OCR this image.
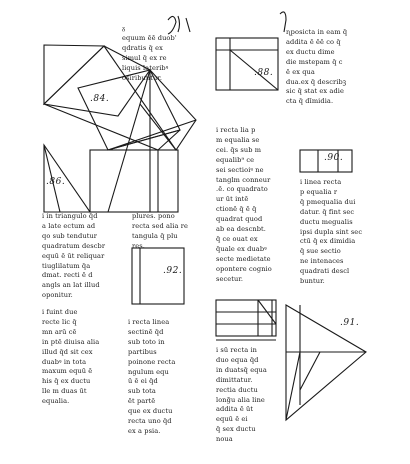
.84.
.86.
.88.
.90.
.92.
.91.
ᵹ
equum ēē duob'
qdratis q̄ ex
simul q̄ ex re
liquis lateribꝰ
osiribuntur.
ɳposicta in eam q̄
addita ē ēē co q̄
ex ductu dime
die mstepam q̄ c
ē ex qua
dua.ex q̄ describꝫ
sic q̄ stat ex adie
cta q̄ dīmidia.
i recta lia p
m equalia se
cei. q̄s sub m
equalib⁹ ce
sei sectioiꝰ ne
tanglm conneur
.ē. co quadrato
ur ūt intē
ctionē q̄ ē q̄
quadrat quod
ab ea descnbt.
q̄ ce ouat ex
q̄uale ex duabꝰ
secte medietate
opontere cognio
secetur.
i linea recta
p equalia r
q̄ pmequalia dui
datur. q̄ fint sec
ductu megualis
ipsi dupla sint sec
ctū q̄ ex dimidia
q̄ sue sectio
ne intenaces
quadrati descl
buntur.
i in triangulo q̄d
a late ectum ad
qo sub tendutur
quadratum descbr
equū ē ūt reliquar
tiuglilatum q̄a
dmat. recti ē d
angls an lat illud
oponitur.
plures. pono
recta sed alia re
tangula q̄ plu
res.
i fuint due
recte lic q̄
mn arū cē
in ptē diuisa alia
illud q̄d sit cex
duabꝰ in tota
maxum equū ē
his q̄ ex ductu
lle m duas ūt
equalia.
i recta linea
sectinē q̄d
sub toto in
partibus
poinone recta
ngulum equ
ū ē ei q̄d
sub tota
ēt partē
que ex ductu
recta uno q̄d
ex a psia.
i sū recta in
duo equa q̄d
in duatsq̄ equa
dimittatur.
rectia ductu
long̃u alia line
addita ē ūt
equū ē ei
q̄ sex ductu
noua
